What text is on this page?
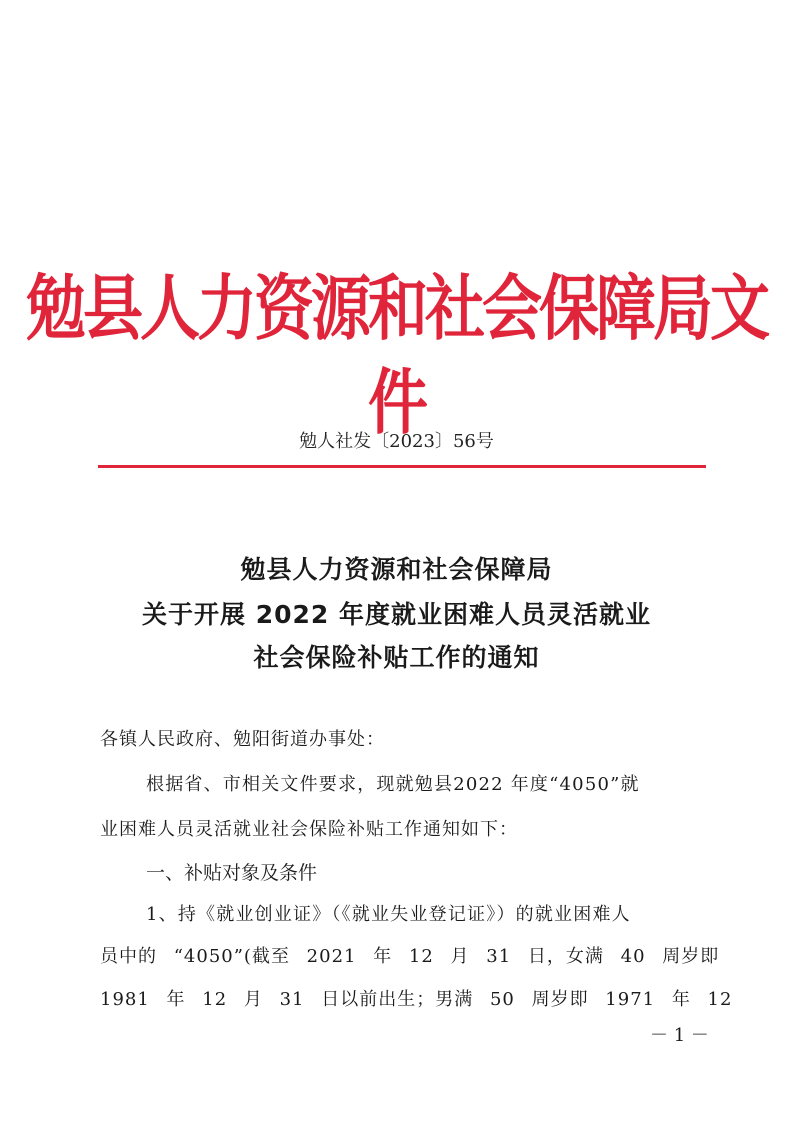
勉县人力资源和社会保障局文件
勉人社发〔2023〕56号
勉县人力资源和社会保障局
关于开展 2022 年度就业困难人员灵活就业
社会保险补贴工作的通知
各镇人民政府、勉阳街道办事处：
根据省、市相关文件要求，现就勉县2022 年度“4050”就
业困难人员灵活就业社会保险补贴工作通知如下：
一、补贴对象及条件
1、持《就业创业证》（《就业失业登记证》）的就业困难人
员中的 “4050”(截至 2021 年 12 月 31 日，女满 40 周岁即
1981 年 12 月 31 日以前出生；男满 50 周岁即 1971 年 12
－ 1 －
